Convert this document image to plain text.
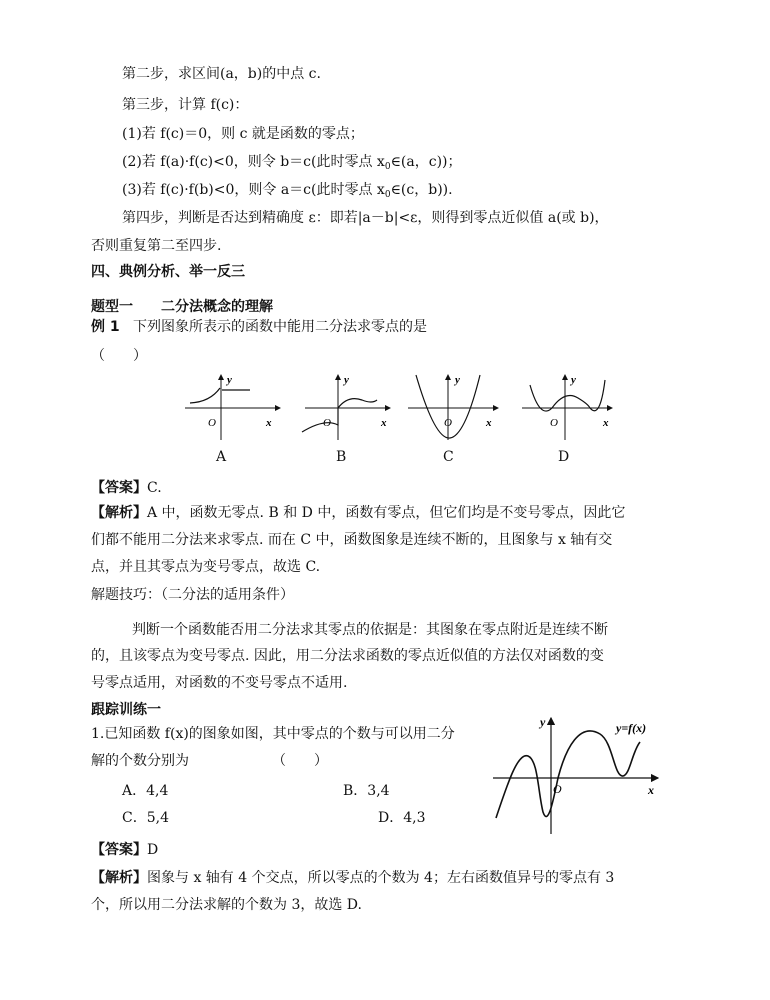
第二步，求区间(a，b)的中点 c.
第三步，计算 f(c)：
(1)若 f(c)＝0，则 c 就是函数的零点；
(2)若 f(a)·f(c)<0，则令 b＝c(此时零点 $x_0\in(a$，c))；
(3)若 f(c)·f(b)<0，则令 a＝c(此时零点 $x_0\in(c$，b)).
第四步，判断是否达到精确度 ε：即若|a－b|<ε，则得到零点近似值 a(或 b)，
否则重复第二至四步.
四、典例分析、举一反三
题型一　　二分法概念的理解
例 1 下列图象所表示的函数中能用二分法求零点的是
（　　）
y
O	x
y
O	x
y
O	x
y
O	x
A	B	C	D
【答案】C.
【解析】A 中，函数无零点. B 和 D 中，函数有零点，但它们均是不变号零点，因此它
们都不能用二分法来求零点. 而在 C 中，函数图象是连续不断的，且图象与 x 轴有交
点，并且其零点为变号零点，故选 C.
解题技巧：（二分法的适用条件）
判断一个函数能否用二分法求其零点的依据是：其图象在零点附近是连续不断
的，且该零点为变号零点. 因此，用二分法求函数的零点近似值的方法仅对函数的变
号零点适用，对函数的不变号零点不适用.
跟踪训练一
1.已知函数 f(x)的图象如图，其中零点的个数与可以用二分
解的个数分别为	（　　）
A．4,4	B．3,4
C．5,4	D．4,3
y
O	x
y=f(x)
【答案】D
【解析】图象与 x 轴有 4 个交点，所以零点的个数为 4；左右函数值异号的零点有 3
个，所以用二分法求解的个数为 3，故选 D.
